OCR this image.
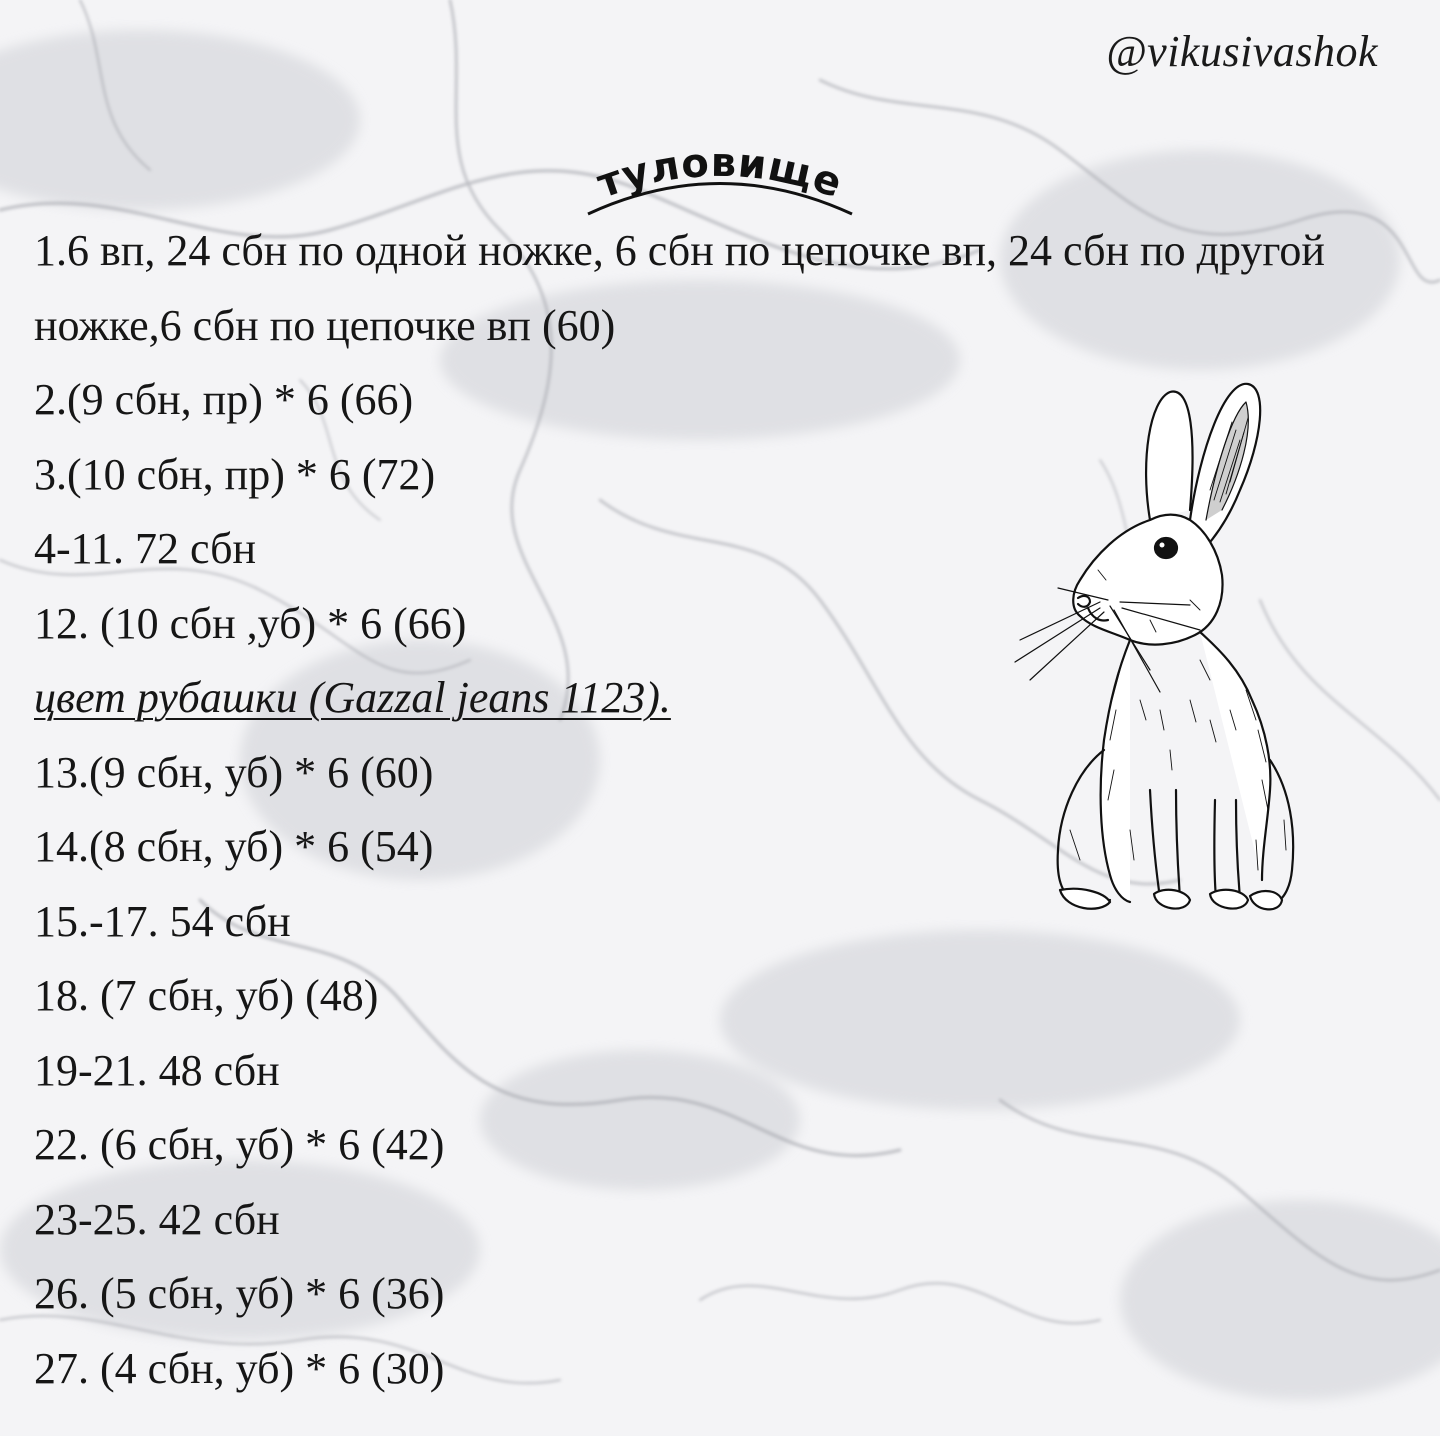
@vikusivashok
туловище
1.6 вп, 24 сбн по одной ножке, 6 сбн по цепочке вп, 24 сбн по другой ножке,6 сбн по цепочке вп (60)
2.(9 сбн, пр) * 6 (66)
3.(10 сбн, пр) * 6 (72)
4-11. 72 сбн
12. (10 сбн ,уб) * 6 (66)
цвет рубашки (Gazzal jeans 1123).
13.(9 сбн, уб) * 6 (60)
14.(8 сбн, уб) * 6 (54)
15.-17. 54 сбн
18. (7 сбн, уб) (48)
19-21. 48 сбн
22. (6 сбн, уб) * 6 (42)
23-25. 42 сбн
26. (5 сбн, уб) * 6 (36)
27. (4 сбн, уб) * 6 (30)
